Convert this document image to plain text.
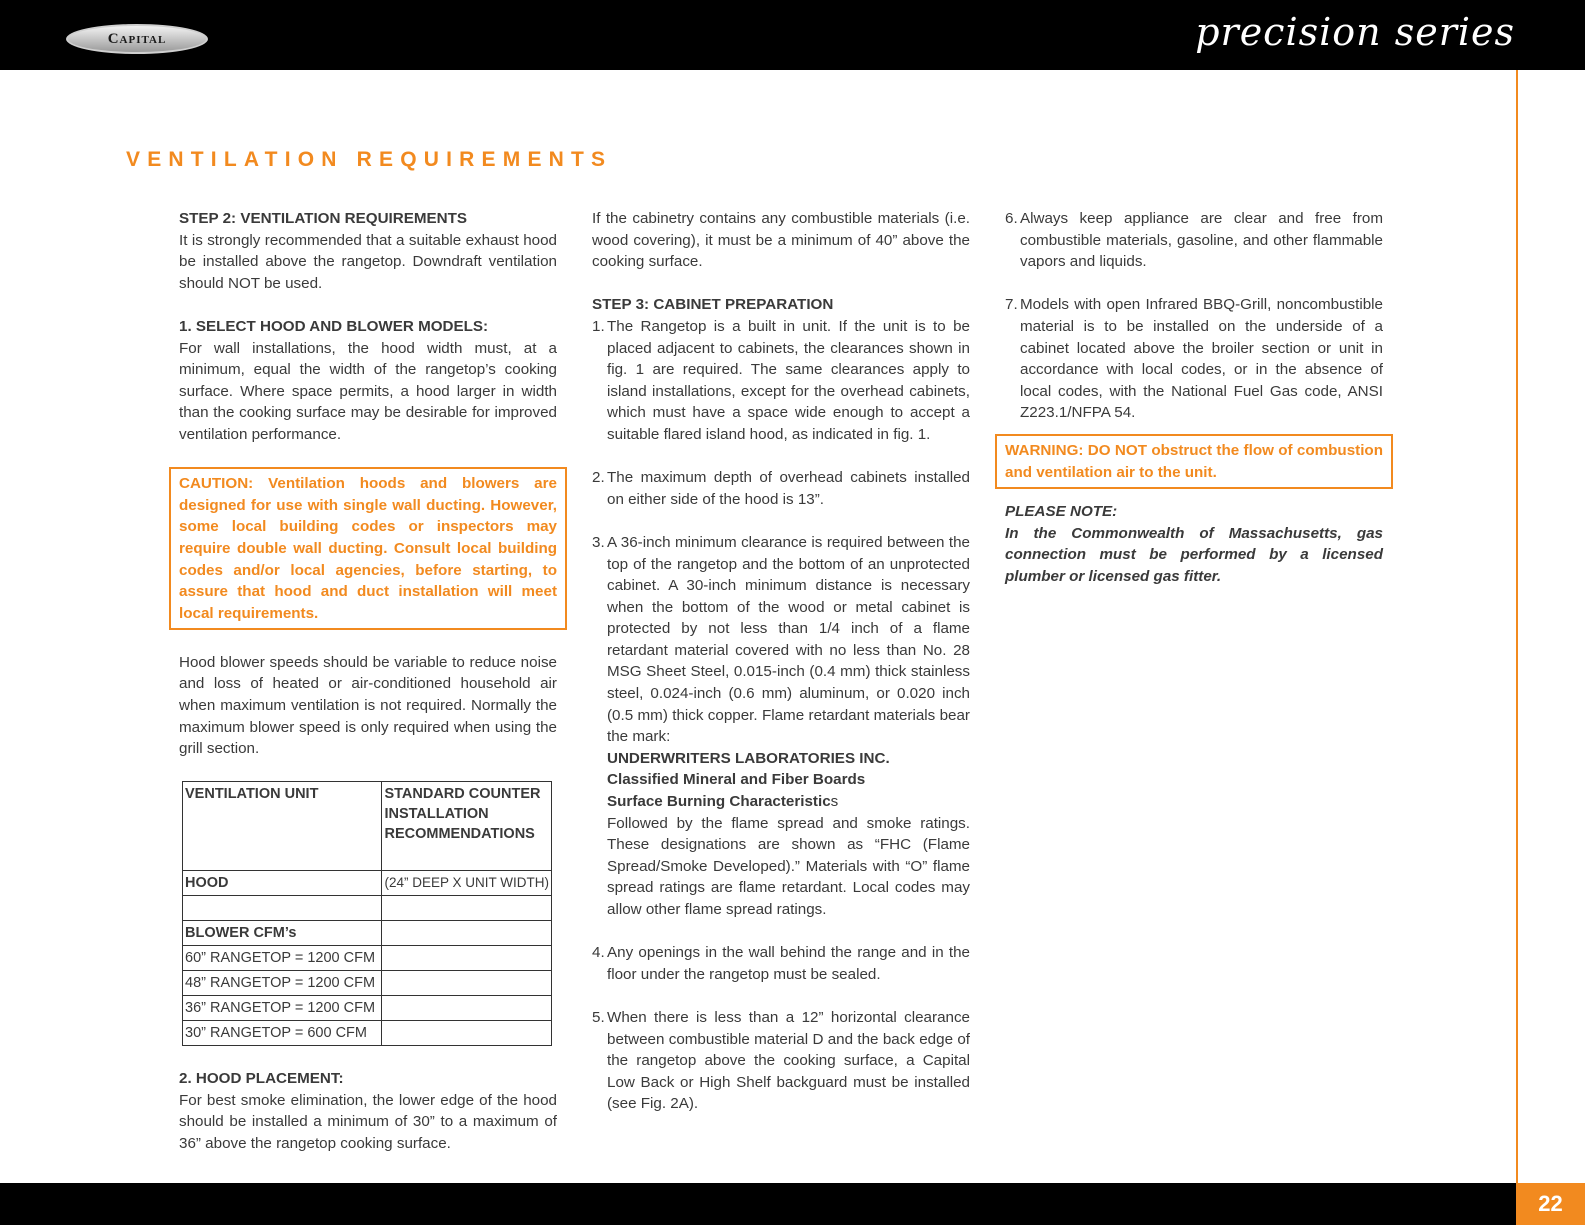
Capital	precision series
VENTILATION REQUIREMENTS
STEP 2: VENTILATION REQUIREMENTS

It is strongly recommended that a suitable exhaust hood be installed above the rangetop. Downdraft ventilation should NOT be used.

1. SELECT HOOD AND BLOWER MODELS:

For wall installations, the hood width must, at a minimum, equal the width of the rangetop’s cooking surface. Where space permits, a hood larger in width than the cooking surface may be desirable for improved ventilation performance.

CAUTION: Ventilation hoods and blowers are designed for use with single wall ducting. However, some local building codes or inspectors may require double wall ducting. Consult local building codes and/or local agencies, before starting, to assure that hood and duct installation will meet local requirements.

Hood blower speeds should be variable to reduce noise and loss of heated or air-conditioned household air when maximum ventilation is not required. Normally the maximum blower speed is only required when using the grill section.

VENTILATION UNIT	STANDARD COUNTER INSTALLATION RECOMMENDATIONS
HOOD	(24” DEEP X UNIT WIDTH)

BLOWER CFM’s	
60” RANGETOP = 1200 CFM	
48” RANGETOP = 1200 CFM	
36” RANGETOP = 1200 CFM	
30” RANGETOP = 600 CFM	
2. HOOD PLACEMENT:

For best smoke elimination, the lower edge of the hood should be installed a minimum of 30” to a maximum of 36” above the rangetop cooking surface.

If the cabinetry contains any combustible materials (i.e. wood covering), it must be a minimum of 40” above the cooking surface.

STEP 3: CABINET PREPARATION
1. The Rangetop is a built in unit. If the unit is to be placed adjacent to cabinets, the clearances shown in fig. 1 are required. The same clearances apply to island installations, except for the overhead cabinets, which must have a space wide enough to accept a suitable flared island hood, as indicated in fig. 1.
2. The maximum depth of overhead cabinets installed on either side of the hood is 13”.
3. A 36-inch minimum clearance is required between the top of the rangetop and the bottom of an unprotected cabinet. A 30-inch minimum distance is necessary when the bottom of the wood or metal cabinet is protected by not less than 1/4 inch of a flame retardant material covered with no less than No. 28 MSG Sheet Steel, 0.015-inch (0.4 mm) thick stainless steel, 0.024-inch (0.6 mm) aluminum, or 0.020 inch (0.5 mm) thick copper. Flame retardant materials bear the mark:
UNDERWRITERS LABORATORIES INC.
Classified Mineral and Fiber Boards
Surface Burning Characteristics

Followed by the flame spread and smoke ratings. These designations are shown as “FHC (Flame Spread/Smoke Developed).” Materials with “O” flame spread ratings are flame retardant. Local codes may allow other flame spread ratings.

4. Any openings in the wall behind the range and in the floor under the rangetop must be sealed.
5. When there is less than a 12” horizontal clearance between combustible material D and the back edge of the rangetop above the cooking surface, a Capital Low Back or High Shelf backguard must be installed (see Fig. 2A).
6. Always keep appliance are clear and free from combustible materials, gasoline, and other flammable vapors and liquids.
7. Models with open Infrared BBQ-Grill, noncombustible material is to be installed on the underside of a cabinet located above the broiler section or unit in accordance with local codes, or in the absence of local codes, with the National Fuel Gas code, ANSI Z223.1/NFPA 54.

WARNING: DO NOT obstruct the flow of combustion and ventilation air to the unit.

PLEASE NOTE:

In the Commonwealth of Massachusetts, gas connection must be performed by a licensed plumber or licensed gas fitter.

22
